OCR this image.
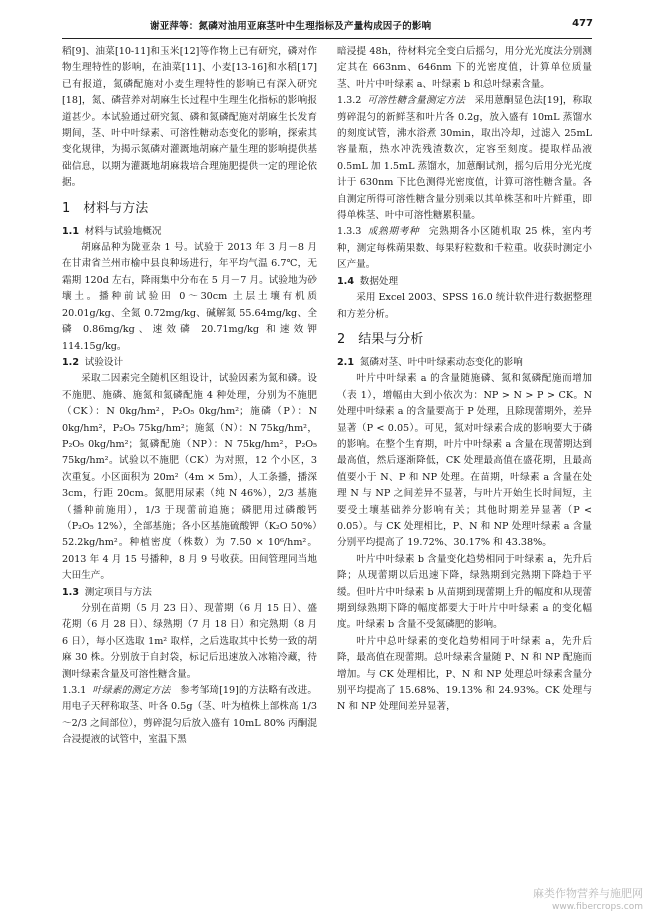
谢亚萍等：氮磷对油用亚麻茎叶中生理指标及产量构成因子的影响	477

稻[9]、油菜[10-11]和玉米[12]等作物上已有研究，磷对作物生理特性的影响，在油菜[11]、小麦[13-16]和水稻[17]已有报道，氮磷配施对小麦生理特性的影响已有深入研究[18]，氮、磷营养对胡麻生长过程中生理生化指标的影响报道甚少。本试验通过研究氮、磷和氮磷配施对胡麻生长发育期间，茎、叶中叶绿素、可溶性糖动态变化的影响，探索其变化规律，为揭示氮磷对灌溉地胡麻产量生理的影响提供基础信息，以期为灌溉地胡麻栽培合理施肥提供一定的理论依据。

1　材料与方法
1.1 材料与试验地概况

胡麻品种为陇亚杂 1 号。试验于 2013 年 3 月－8 月在甘肃省兰州市榆中县良种场进行，年平均气温 6.7℃，无霜期 120d 左右，降雨集中分布在 5 月－7 月。试验地为砂壤土。播种前试验田 0～30cm 土层土壤有机质 20.01g/kg、全氮 0.72mg/kg、碱解氮 55.64mg/kg、全磷 0.86mg/kg、速效磷 20.71mg/kg 和速效钾 114.15g/kg。

1.2 试验设计

采取二因素完全随机区组设计，试验因素为氮和磷。设不施肥、施磷、施氮和氮磷配施 4 种处理，分别为不施肥（CK）：N 0kg/hm²，P₂O₅ 0kg/hm²；施磷（P）：N 0kg/hm²，P₂O₅ 75kg/hm²；施氮（N）：N 75kg/hm²，P₂O₅ 0kg/hm²；氮磷配施（NP）：N 75kg/hm²，P₂O₅ 75kg/hm²。试验以不施肥（CK）为对照，12 个小区，3 次重复。小区面积为 20m²（4m × 5m），人工条播，播深 3cm，行距 20cm。氮肥用尿素（纯 N 46%），2/3 基施（播种前施用），1/3 于现蕾前追施；磷肥用过磷酸钙（P₂O₅ 12%），全部基施；各小区基施硫酸钾（K₂O 50%）52.2kg/hm²。种植密度（株数）为 7.50 × 10⁶/hm²。2013 年 4 月 15 号播种，8 月 9 号收获。田间管理同当地大田生产。

1.3 测定项目与方法

分别在苗期（5 月 23 日）、现蕾期（6 月 15 日）、盛花期（6 月 28 日）、绿熟期（7 月 18 日）和完熟期（8 月 6 日），每小区选取 1m² 取样，之后选取其中长势一致的胡麻 30 株。分别放于自封袋，标记后迅速放入冰箱冷藏，待测叶绿素含量及可溶性糖含量。

1.3.1 叶绿素的测定方法 参考邹琦[19]的方法略有改进。用电子天秤称取茎、叶各 0.5g（茎、叶为植株上部株高 1/3～2/3 之间部位），剪碎混匀后放入盛有 10mL 80% 丙酮混合浸提液的试管中，室温下黑

暗浸提 48h，待材料完全变白后摇匀，用分光光度法分别测定其在 663nm、646nm 下的光密度值，计算单位质量茎、叶片中叶绿素 a、叶绿素 b 和总叶绿素含量。

1.3.2 可溶性糖含量测定方法 采用蒽酮显色法[19]，称取剪碎混匀的新鲜茎和叶片各 0.2g，放入盛有 10mL 蒸馏水的刻度试管，沸水浴煮 30min，取出冷却，过滤入 25mL 容量瓶，热水冲洗残渣数次，定容至刻度。提取样品液 0.5mL 加 1.5mL 蒸馏水，加蒽酮试剂，摇匀后用分光光度计于 630nm 下比色测得光密度值，计算可溶性糖含量。各自测定所得可溶性糖含量分别乘以其单株茎和叶片鲜重，即得单株茎、叶中可溶性糖累积量。

1.3.3 成熟期考种 完熟期各小区随机取 25 株，室内考种，测定每株蒴果数、每果籽粒数和千粒重。收获时测定小区产量。

1.4 数据处理

采用 Excel 2003、SPSS 16.0 统计软件进行数据整理和方差分析。

2　结果与分析
2.1 氮磷对茎、叶中叶绿素动态变化的影响

叶片中叶绿素 a 的含量随施磷、氮和氮磷配施而增加（表 1），增幅由大到小依次为：NP > N > P > CK。N 处理中叶绿素 a 的含量要高于 P 处理，且除现蕾期外，差异显著（P < 0.05）。可见，氮对叶绿素合成的影响要大于磷的影响。在整个生育期，叶片中叶绿素 a 含量在现蕾期达到最高值，然后逐渐降低，CK 处理最高值在盛花期，且最高值要小于 N、P 和 NP 处理。在苗期，叶绿素 a 含量在处理 N 与 NP 之间差异不显著，与叶片开始生长时间短，主要受土壤基础养分影响有关；其他时期差异显著（P < 0.05）。与 CK 处理相比，P、N 和 NP 处理叶绿素 a 含量分别平均提高了 19.72%、30.17% 和 43.38%。

叶片中叶绿素 b 含量变化趋势相同于叶绿素 a，先升后降；从现蕾期以后迅速下降，绿熟期到完熟期下降趋于平缓。但叶片中叶绿素 b 从苗期到现蕾期上升的幅度和从现蕾期到绿熟期下降的幅度都要大于叶片中叶绿素 a 的变化幅度。叶绿素 b 含量不受氮磷肥的影响。

叶片中总叶绿素的变化趋势相同于叶绿素 a，先升后降，最高值在现蕾期。总叶绿素含量随 P、N 和 NP 配施而增加。与 CK 处理相比，P、N 和 NP 处理总叶绿素含量分别平均提高了 15.68%、19.13% 和 24.93%。CK 处理与 N 和 NP 处理间差异显著，

麻类作物营养与施肥网
www.fibercrops.com
